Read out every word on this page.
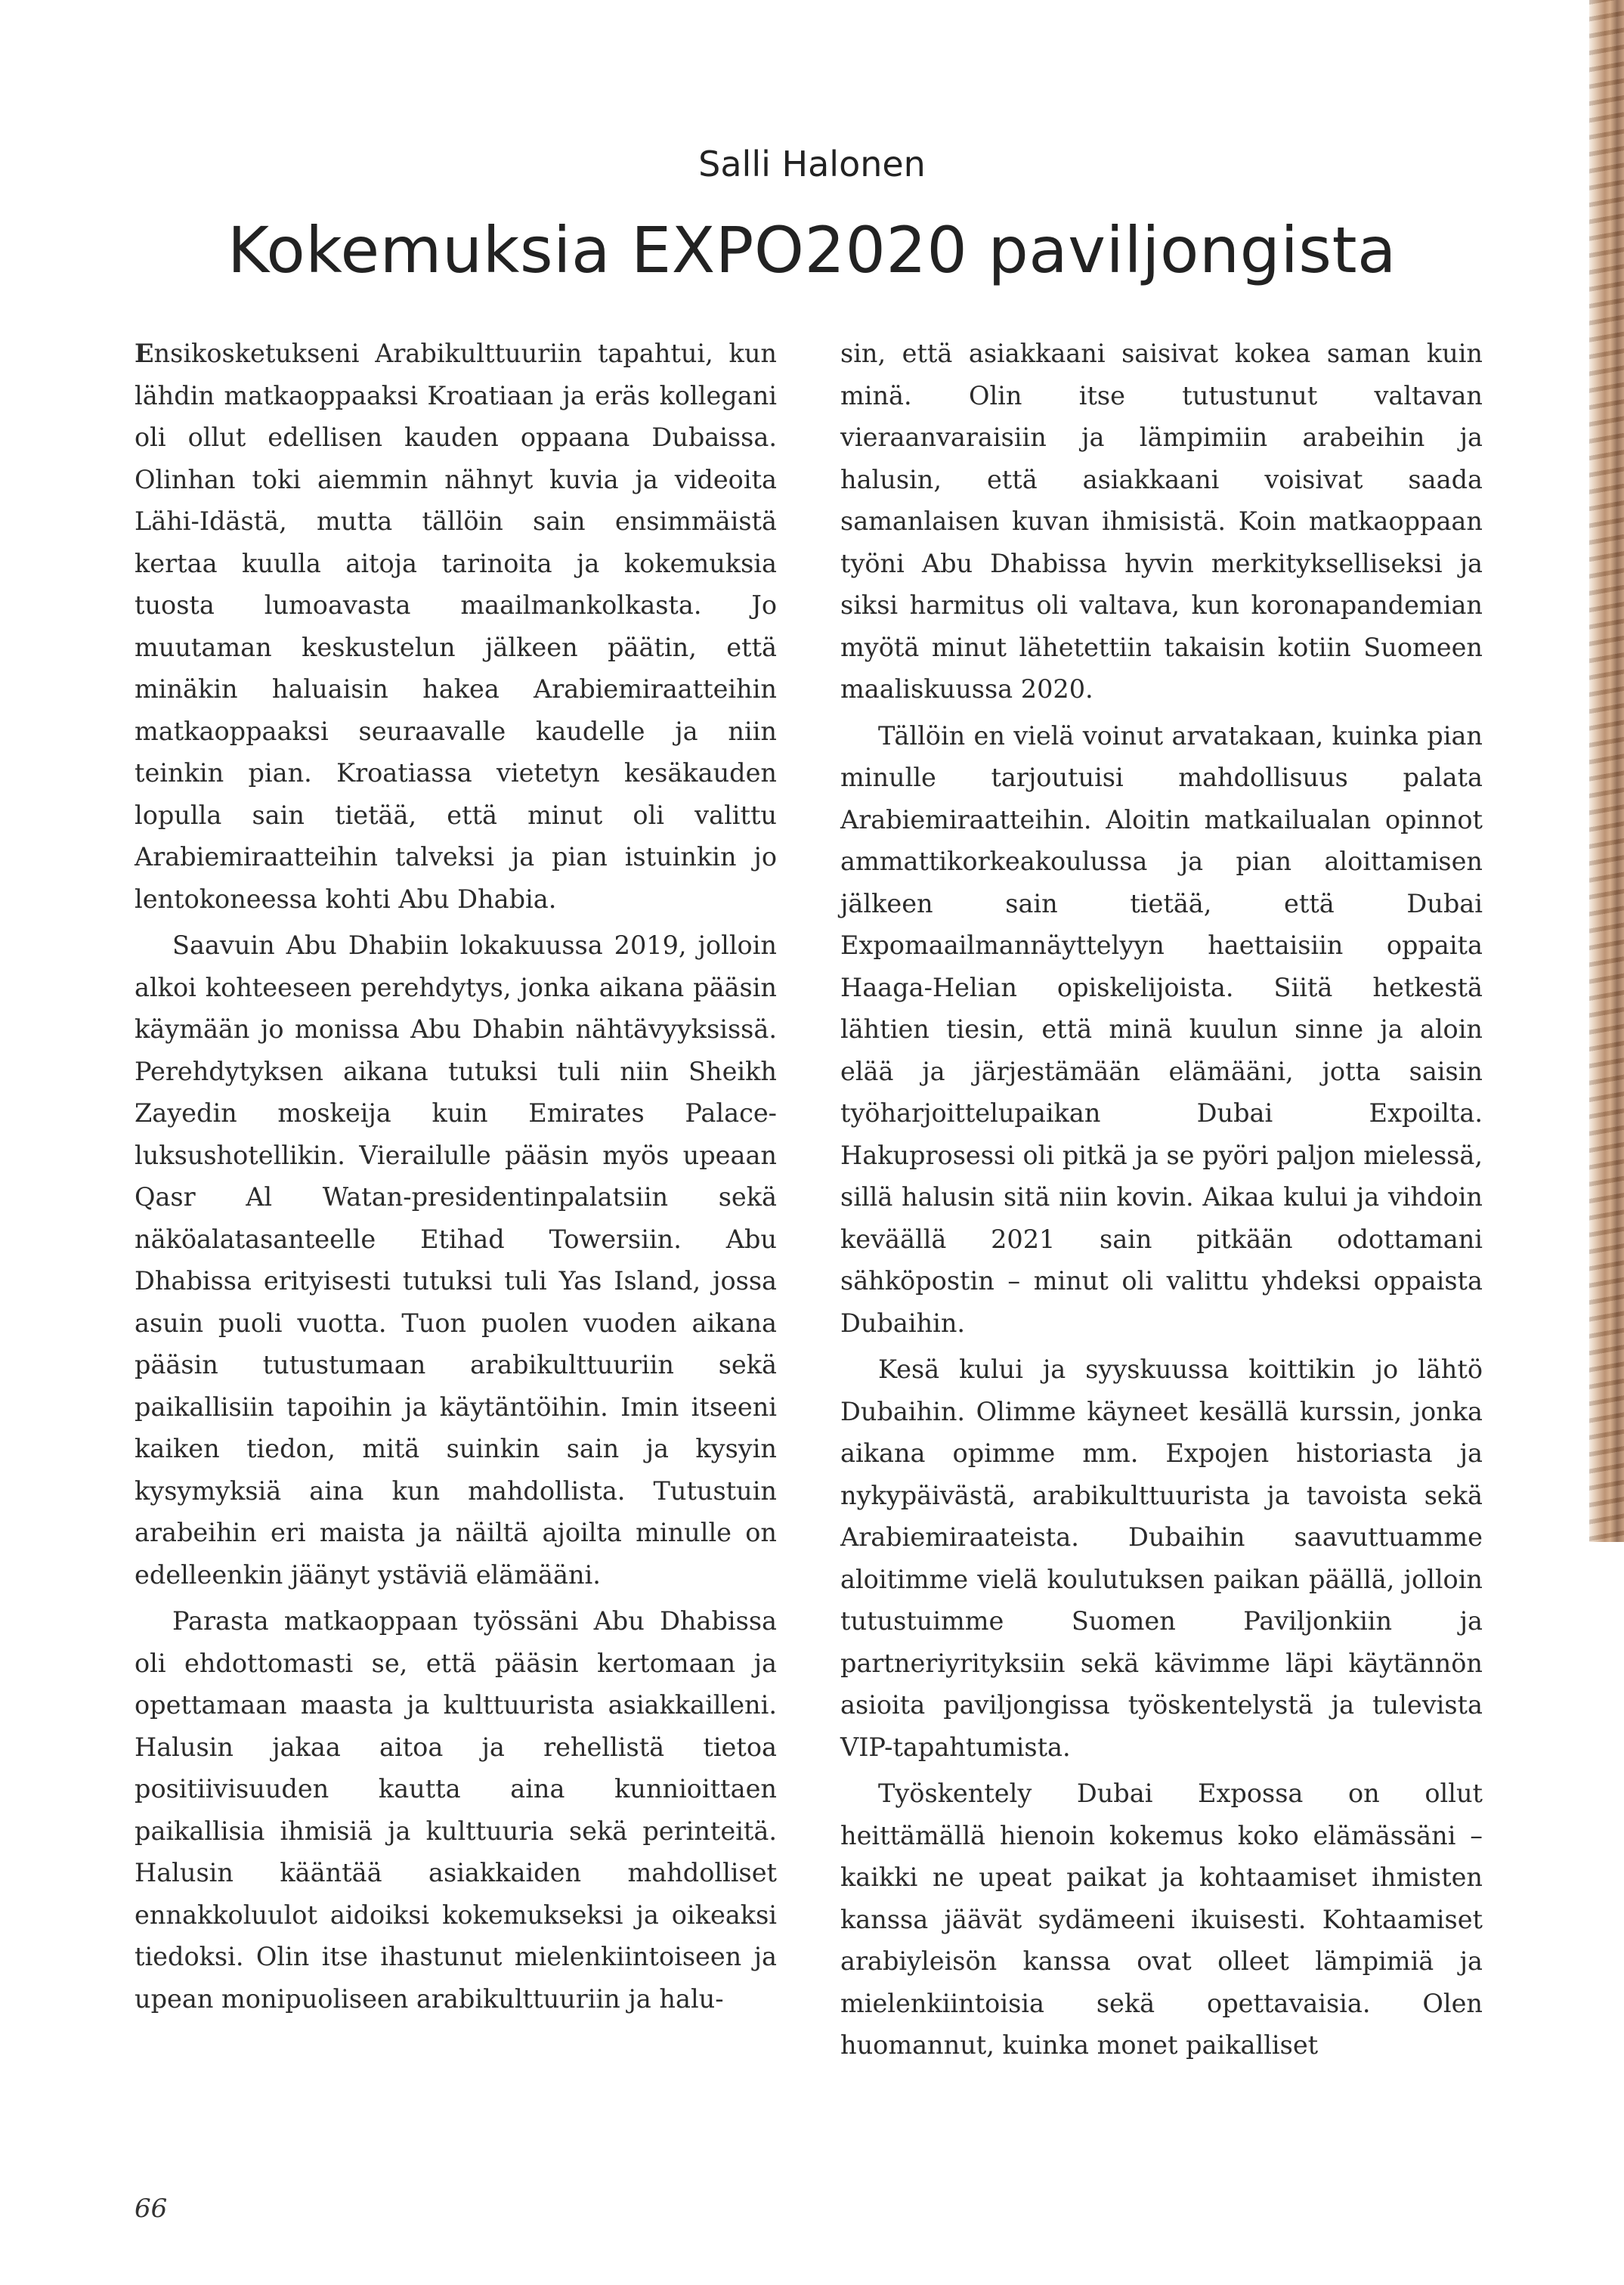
Salli Halonen
Kokemuksia EXPO2020 paviljongista

Ensikosketukseni Arabikulttuuriin tapahtui, kun lähdin matkaoppaaksi Kroatiaan ja eräs kollegani oli ollut edellisen kauden oppaana Dubaissa. Olinhan toki aiemmin nähnyt kuvia ja videoita Lähi-Idästä, mutta tällöin sain ensimmäistä kertaa kuulla aitoja tarinoita ja kokemuksia tuosta lumoavasta maailmankolkasta. Jo muutaman keskustelun jälkeen päätin, että minäkin haluaisin hakea Arabiemiraatteihin matkaoppaaksi seuraavalle kaudelle ja niin teinkin pian. Kroatiassa vietetyn kesäkauden lopulla sain tietää, että minut oli valittu Arabiemiraatteihin talveksi ja pian istuinkin jo lentokoneessa kohti Abu Dhabia.

Saavuin Abu Dhabiin lokakuussa 2019, jolloin alkoi kohteeseen perehdytys, jonka aikana pääsin käymään jo monissa Abu Dhabin nähtävyyksissä. Perehdytyksen aikana tutuksi tuli niin Sheikh Zayedin moskeija kuin Emirates Palace-luksushotellikin. Vierailulle pääsin myös upeaan Qasr Al Watan-presidentinpalatsiin sekä näköalatasanteelle Etihad Towersiin. Abu Dhabissa erityisesti tutuksi tuli Yas Island, jossa asuin puoli vuotta. Tuon puolen vuoden aikana pääsin tutustumaan arabikulttuuriin sekä paikallisiin tapoihin ja käytäntöihin. Imin itseeni kaiken tiedon, mitä suinkin sain ja kysyin kysymyksiä aina kun mahdollista. Tutustuin arabeihin eri maista ja näiltä ajoilta minulle on edelleenkin jäänyt ystäviä elämääni.

Parasta matkaoppaan työssäni Abu Dhabissa oli ehdottomasti se, että pääsin kertomaan ja opettamaan maasta ja kulttuurista asiakkailleni. Halusin jakaa aitoa ja rehellistä tietoa positiivisuuden kautta aina kunnioittaen paikallisia ihmisiä ja kulttuuria sekä perinteitä. Halusin kääntää asiakkaiden mahdolliset ennakkoluulot aidoiksi kokemukseksi ja oikeaksi tiedoksi. Olin itse ihastunut mielenkiintoiseen ja upean monipuoliseen arabikulttuuriin ja halu-

sin, että asiakkaani saisivat kokea saman kuin minä. Olin itse tutustunut valtavan vieraanvaraisiin ja lämpimiin arabeihin ja halusin, että asiakkaani voisivat saada samanlaisen kuvan ihmisistä. Koin matkaoppaan työni Abu Dhabissa hyvin merkitykselliseksi ja siksi harmitus oli valtava, kun koronapandemian myötä minut lähetettiin takaisin kotiin Suomeen maaliskuussa 2020.

Tällöin en vielä voinut arvatakaan, kuinka pian minulle tarjoutuisi mahdollisuus palata Arabiemiraatteihin. Aloitin matkailualan opinnot ammattikorkeakoulussa ja pian aloittamisen jälkeen sain tietää, että Dubai Expomaailmannäyttelyyn haettaisiin oppaita Haaga-Helian opiskelijoista. Siitä hetkestä lähtien tiesin, että minä kuulun sinne ja aloin elää ja järjestämään elämääni, jotta saisin työharjoittelupaikan Dubai Expoilta. Hakuprosessi oli pitkä ja se pyöri paljon mielessä, sillä halusin sitä niin kovin. Aikaa kului ja vihdoin keväällä 2021 sain pitkään odottamani sähköpostin – minut oli valittu yhdeksi oppaista Dubaihin.

Kesä kului ja syyskuussa koittikin jo lähtö Dubaihin. Olimme käyneet kesällä kurssin, jonka aikana opimme mm. Expojen historiasta ja nykypäivästä, arabikulttuurista ja tavoista sekä Arabiemiraateista. Dubaihin saavuttuamme aloitimme vielä koulutuksen paikan päällä, jolloin tutustuimme Suomen Paviljonkiin ja partneriyrityksiin sekä kävimme läpi käytännön asioita paviljongissa työskentelystä ja tulevista VIP-tapahtumista.

Työskentely Dubai Expossa on ollut heittämällä hienoin kokemus koko elämässäni – kaikki ne upeat paikat ja kohtaamiset ihmisten kanssa jäävät sydämeeni ikuisesti. Kohtaamiset arabiyleisön kanssa ovat olleet lämpimiä ja mielenkiintoisia sekä opettavaisia. Olen huomannut, kuinka monet paikalliset

66
